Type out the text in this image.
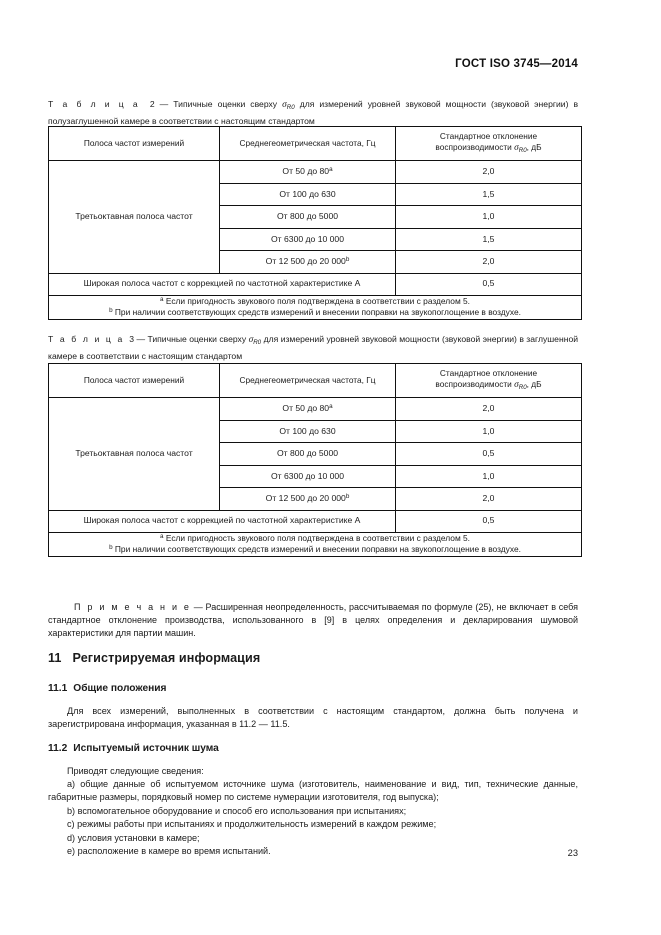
ГОСТ ISO 3745—2014
Т а б л и ц а 2 — Типичные оценки сверху $\sigma_{R0}$ для измерений уровней звуковой мощности (звуковой энергии) в полузаглушенной камере в соответствии с настоящим стандартом
Полоса частот измерений	Среднегеометрическая частота, Гц	Стандартное отклонение
воспроизводимости $\sigma_{R0}$, дБ
Третьоктавная полоса частот	От 50 до 80$^a$	2,0
	От 100 до 630	1,5
	От 800 до 5000	1,0
	От 6300 до 10 000	1,5
	От 12 500 до 20 000$^b$	2,0
Широкая полоса частот с коррекцией по частотной характеристике A		0,5

$^a$ Если пригодность звукового поля подтверждена в соответствии с разделом 5.
$^b$ При наличии соответствующих средств измерений и внесении поправки на звукопоглощение в воздухе.		
Т а б л и ц а 3 — Типичные оценки сверху $\sigma_{R0}$ для измерений уровней звуковой мощности (звуковой энергии) в заглушенной камере в соответствии с настоящим стандартом
Полоса частот измерений	Среднегеометрическая частота, Гц	Стандартное отклонение
воспроизводимости $\sigma_{R0}$, дБ
Третьоктавная полоса частот	От 50 до 80$^a$	2,0
	От 100 до 630	1,0
	От 800 до 5000	0,5
	От 6300 до 10 000	1,0
	От 12 500 до 20 000$^b$	2,0
Широкая полоса частот с коррекцией по частотной характеристике A		0,5

$^a$ Если пригодность звукового поля подтверждена в соответствии с разделом 5.
$^b$ При наличии соответствующих средств измерений и внесении поправки на звукопоглощение в воздухе.		
П р и м е ч а н и е — Расширенная неопределенность, рассчитываемая по формуле (25), не включает в себя стандартное отклонение производства, использованного в [9] в целях определения и декларирования шумовой характеристики для партии машин.
11 Регистрируемая информация
11.1 Общие положения

Для всех измерений, выполненных в соответствии с настоящим стандартом, должна быть получена и зарегистрирована информация, указанная в 11.2 — 11.5.

11.2 Испытуемый источник шума

Приводят следующие сведения:

a) общие данные об испытуемом источнике шума (изготовитель, наименование и вид, тип, технические данные, габаритные размеры, порядковый номер по системе нумерации изготовителя, год выпуска);
b) вспомогательное оборудование и способ его использования при испытаниях;
c) режимы работы при испытаниях и продолжительность измерений в каждом режиме;
d) условия установки в камере;
e) расположение в камере во время испытаний.	23
